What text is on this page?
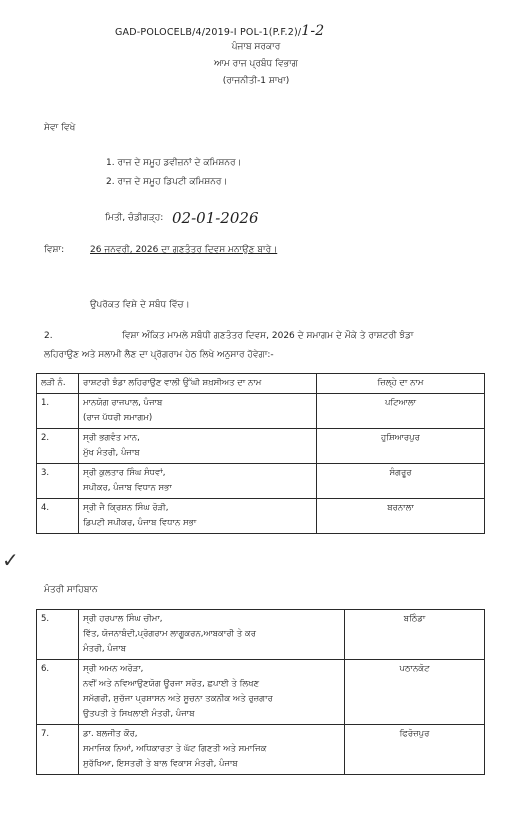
GAD-POLOCELB/4/2019-I POL-1(P.F.2)/1-2
ਪੰਜਾਬ ਸਰਕਾਰ
ਆਮ ਰਾਜ ਪ੍ਰਬੰਧ ਵਿਭਾਗ
(ਰਾਜਨੀਤੀ-1 ਸ਼ਾਖਾ)
ਸੇਵਾ ਵਿਖੇ
1. ਰਾਜ ਦੇ ਸਮੂਹ ਡਵੀਜ਼ਨਾਂ ਦੇ ਕਮਿਸ਼ਨਰ।
2. ਰਾਜ ਦੇ ਸਮੂਹ ਡਿਪਟੀ ਕਮਿਸ਼ਨਰ।
ਮਿਤੀ, ਚੰਡੀਗੜ੍ਹ: 02-01-2026
ਵਿਸ਼ਾ:	26 ਜਨਵਰੀ, 2026 ਦਾ ਗਣਤੰਤਰ ਦਿਵਸ ਮਨਾਉਣ ਬਾਰੇ।
ਉਪਰੋਕਤ ਵਿਸ਼ੇ ਦੇ ਸਬੰਧ ਵਿੱਚ।
2.	ਵਿਸ਼ਾ ਅੰਕਿਤ ਮਾਮਲੇ ਸਬੰਧੀ ਗਣਤੰਤਰ ਦਿਵਸ, 2026 ਦੇ ਸਮਾਗਮ ਦੇ ਮੌਕੇ ਤੇ ਰਾਸ਼ਟਰੀ ਝੰਡਾ
ਲਹਿਰਾਉਣ ਅਤੇ ਸਲਾਮੀ ਲੈਣ ਦਾ ਪ੍ਰੋਗਰਾਮ ਹੇਠ ਲਿਖੇ ਅਨੁਸਾਰ ਹੋਵੇਗਾ:-
ਲੜੀ ਨੰ.	ਰਾਸ਼ਟਰੀ ਝੰਡਾ ਲਹਿਰਾਉਣ ਵਾਲੀ ਉੱਘੀ ਸ਼ਖ਼ਸੀਅਤ ਦਾ ਨਾਮ	ਜ਼ਿਲ੍ਹੇ ਦਾ ਨਾਮ
1.	ਮਾਨਯੋਗ ਰਾਜਪਾਲ, ਪੰਜਾਬ
(ਰਾਜ ਪੱਧਰੀ ਸਮਾਗਮ)	ਪਟਿਆਲਾ
2.	ਸ੍ਰੀ ਭਗਵੰਤ ਮਾਨ,
ਮੁੱਖ ਮੰਤਰੀ, ਪੰਜਾਬ	ਹੁਸ਼ਿਆਰਪੁਰ
3.	ਸ੍ਰੀ ਕੁਲਤਾਰ ਸਿੰਘ ਸੰਧਵਾਂ,
ਸਪੀਕਰ, ਪੰਜਾਬ ਵਿਧਾਨ ਸਭਾ	ਸੰਗਰੂਰ
4.	ਸ੍ਰੀ ਜੈ ਕ੍ਰਿਸ਼ਨ ਸਿੰਘ ਰੋੜੀ,
ਡਿਪਟੀ ਸਪੀਕਰ, ਪੰਜਾਬ ਵਿਧਾਨ ਸਭਾ	ਬਰਨਾਲਾ
✓
ਮੰਤਰੀ ਸਾਹਿਬਾਨ
5.	ਸ੍ਰੀ ਹਰਪਾਲ ਸਿੰਘ ਚੀਮਾ,
ਵਿੱਤ, ਯੋਜਨਾਬੰਦੀ,ਪ੍ਰੋਗਰਾਮ ਲਾਗੂਕਰਨ,ਆਬਕਾਰੀ ਤੇ ਕਰ
ਮੰਤਰੀ, ਪੰਜਾਬ	ਬਠਿੰਡਾ
6.	ਸ੍ਰੀ ਅਮਨ ਅਰੋੜਾ,
ਨਵੀਂ ਅਤੇ ਨਵਿਆਉਣਯੋਗ ਊਰਜਾ ਸਰੋਤ, ਛਪਾਈ ਤੇ ਲਿਖਣ
ਸਮੱਗਰੀ, ਸੁਚੱਜਾ ਪ੍ਰਸ਼ਾਸਨ ਅਤੇ ਸੂਚਨਾ ਤਕਨੀਕ ਅਤੇ ਰੁਜ਼ਗਾਰ
ਉਤਪਤੀ ਤੇ ਸਿਖਲਾਈ ਮੰਤਰੀ, ਪੰਜਾਬ	ਪਠਾਨਕੋਟ
7.	ਡਾ. ਬਲਜੀਤ ਕੌਰ,
ਸਮਾਜਿਕ ਨਿਆਂ, ਅਧਿਕਾਰਤਾ ਤੇ ਘੱਟ ਗਿਣਤੀ ਅਤੇ ਸਮਾਜਿਕ
ਸੁਰੱਖਿਆ, ਇਸਤਰੀ ਤੇ ਬਾਲ ਵਿਕਾਸ ਮੰਤਰੀ, ਪੰਜਾਬ	ਫਿਰੋਜ਼ਪੁਰ
